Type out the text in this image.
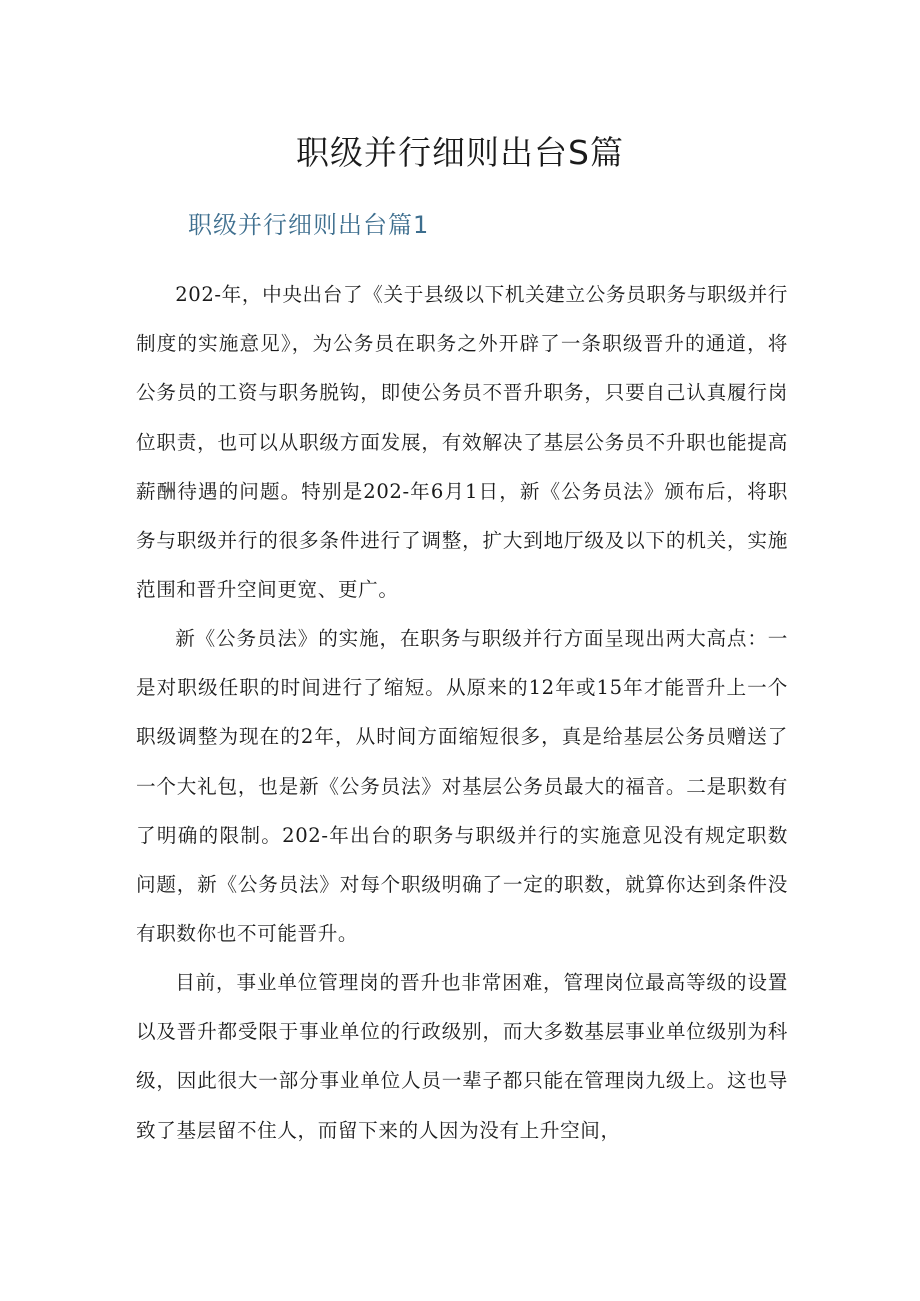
职级并行细则出台S篇
职级并行细则出台篇1

202-年，中央出台了《关于县级以下机关建立公务员职务与职级并行制度的实施意见》，为公务员在职务之外开辟了一条职级晋升的通道，将公务员的工资与职务脱钩，即使公务员不晋升职务，只要自己认真履行岗位职责，也可以从职级方面发展，有效解决了基层公务员不升职也能提高薪酬待遇的问题。特别是202-年6月1日，新《公务员法》颁布后，将职务与职级并行的很多条件进行了调整，扩大到地厅级及以下的机关，实施范围和晋升空间更宽、更广。

新《公务员法》的实施，在职务与职级并行方面呈现出两大高点：一是对职级任职的时间进行了缩短。从原来的12年或15年才能晋升上一个职级调整为现在的2年，从时间方面缩短很多，真是给基层公务员赠送了一个大礼包，也是新《公务员法》对基层公务员最大的福音。二是职数有了明确的限制。202-年出台的职务与职级并行的实施意见没有规定职数问题，新《公务员法》对每个职级明确了一定的职数，就算你达到条件没有职数你也不可能晋升。

目前，事业单位管理岗的晋升也非常困难，管理岗位最高等级的设置以及晋升都受限于事业单位的行政级别，而大多数基层事业单位级别为科级，因此很大一部分事业单位人员一辈子都只能在管理岗九级上。这也导致了基层留不住人，而留下来的人因为没有上升空间，
